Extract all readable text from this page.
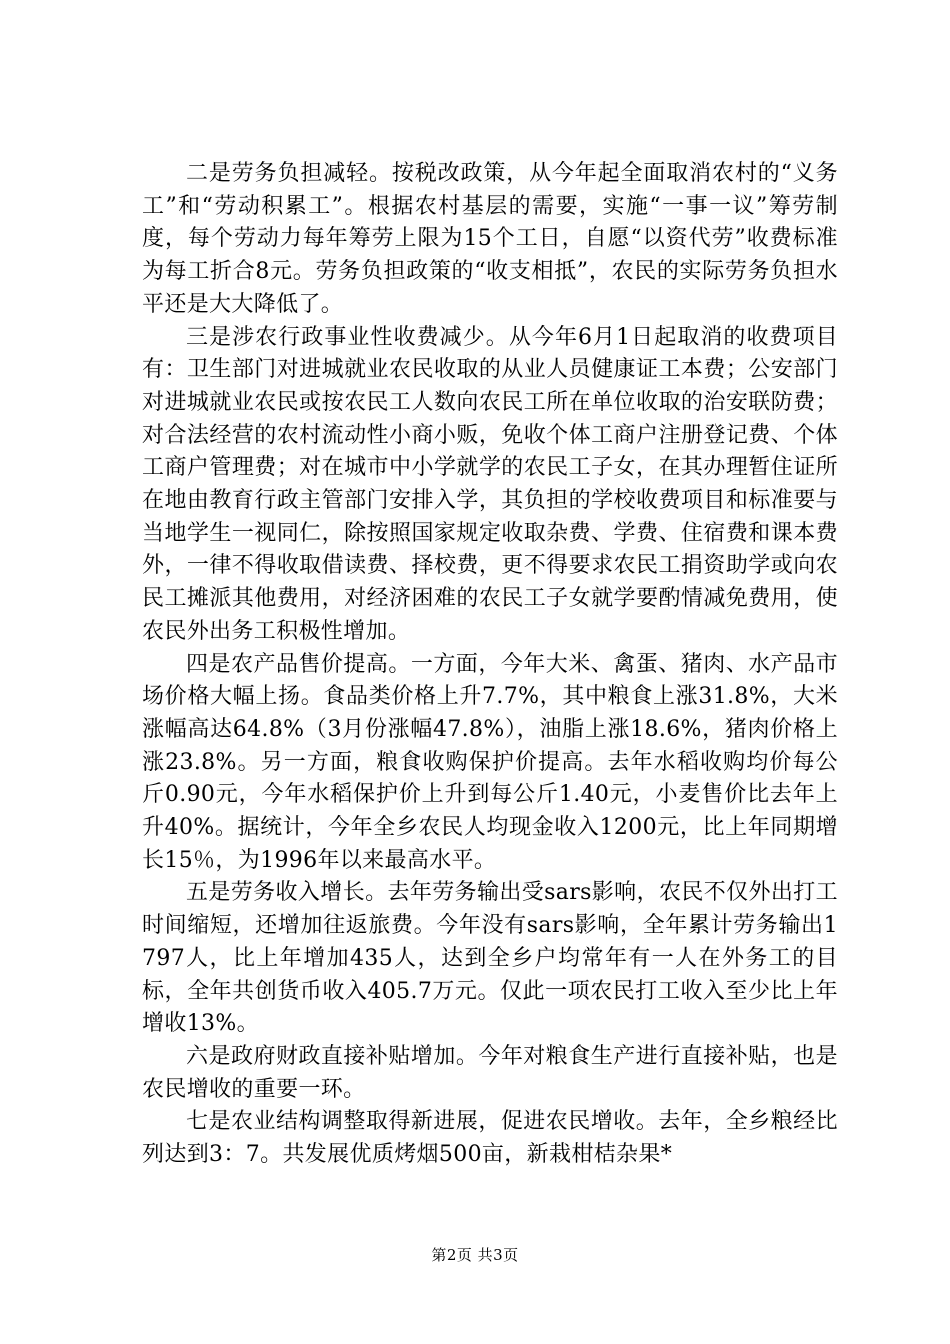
二是劳务负担减轻。按税改政策，从今年起全面取消农村的“义务工”和“劳动积累工”。根据农村基层的需要，实施“一事一议”筹劳制度，每个劳动力每年筹劳上限为15个工日，自愿“以资代劳”收费标准为每工折合8元。劳务负担政策的“收支相抵”，农民的实际劳务负担水平还是大大降低了。

三是涉农行政事业性收费减少。从今年6月1日起取消的收费项目有：卫生部门对进城就业农民收取的从业人员健康证工本费；公安部门对进城就业农民或按农民工人数向农民工所在单位收取的治安联防费；对合法经营的农村流动性小商小贩，免收个体工商户注册登记费、个体工商户管理费；对在城市中小学就学的农民工子女，在其办理暂住证所在地由教育行政主管部门安排入学，其负担的学校收费项目和标准要与当地学生一视同仁，除按照国家规定收取杂费、学费、住宿费和课本费外，一律不得收取借读费、择校费，更不得要求农民工捐资助学或向农民工摊派其他费用，对经济困难的农民工子女就学要酌情减免费用，使农民外出务工积极性增加。

四是农产品售价提高。一方面，今年大米、禽蛋、猪肉、水产品市场价格大幅上扬。食品类价格上升7.7%，其中粮食上涨31.8%，大米涨幅高达64.8%（3月份涨幅47.8%），油脂上涨18.6%，猪肉价格上涨23.8%。另一方面，粮食收购保护价提高。去年水稻收购均价每公斤0.90元，今年水稻保护价上升到每公斤1.40元，小麦售价比去年上升40%。据统计，今年全乡农民人均现金收入1200元，比上年同期增长15％，为1996年以来最高水平。

五是劳务收入增长。去年劳务输出受sars影响，农民不仅外出打工时间缩短，还增加往返旅费。今年没有sars影响，全年累计劳务输出1797人，比上年增加435人，达到全乡户均常年有一人在外务工的目标，全年共创货币收入405.7万元。仅此一项农民打工收入至少比上年增收13%。

六是政府财政直接补贴增加。今年对粮食生产进行直接补贴，也是农民增收的重要一环。

七是农业结构调整取得新进展，促进农民增收。去年，全乡粮经比列达到3：7。共发展优质烤烟500亩，新栽柑桔杂果*

第2页 共3页
